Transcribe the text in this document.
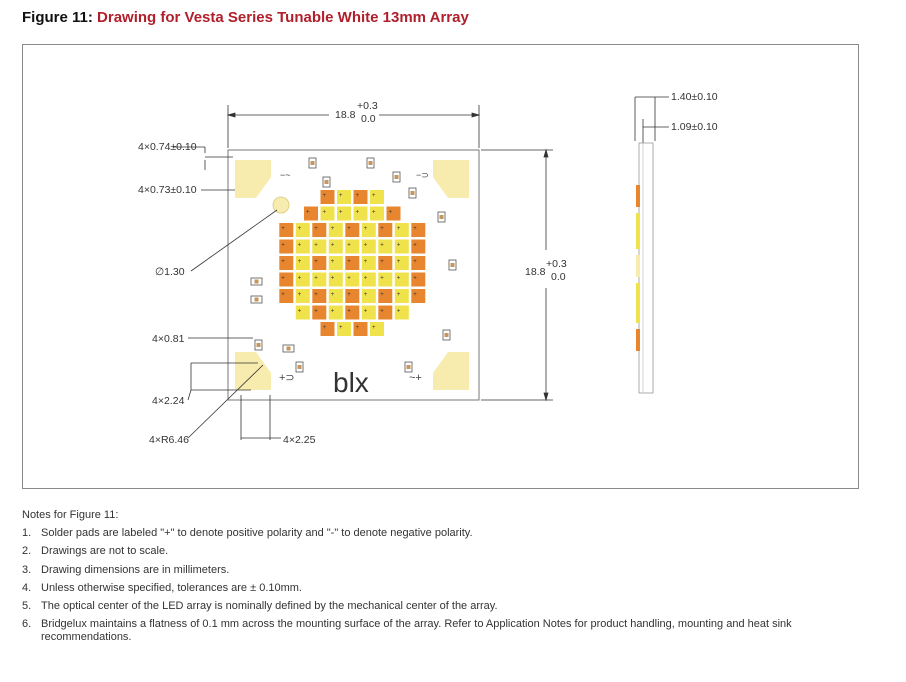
Figure 11: Drawing for Vesta Series Tunable White 13mm Array
−~	−⊃
+⊃	~+
+ + + +
+ + + + + +
+ + + + + + + + +
+ + + + + + + + +
+ + + + + + + + +
+ + + + + + + + +
+ + + + + + + + +
+ + + + + + +
+ + + +
blx
18.8
+0.3
0.0
18.8
+0.3
0.0
4×0.74±0.10
4×0.73±0.10
∅1.30
4×0.81
4×2.24
4×R6.46	4×2.25
1.40±0.10
1.09±0.10
Notes for Figure 11:
1. Solder pads are labeled "+" to denote positive polarity and "-" to denote negative polarity.
2. Drawings are not to scale.
3. Drawing dimensions are in millimeters.
4. Unless otherwise specified, tolerances are ± 0.10mm.
5. The optical center of the LED array is nominally defined by the mechanical center of the array.
6. Bridgelux maintains a flatness of 0.1 mm across the mounting surface of the array. Refer to Application Notes for product handling, mounting and heat sink recommendations.
